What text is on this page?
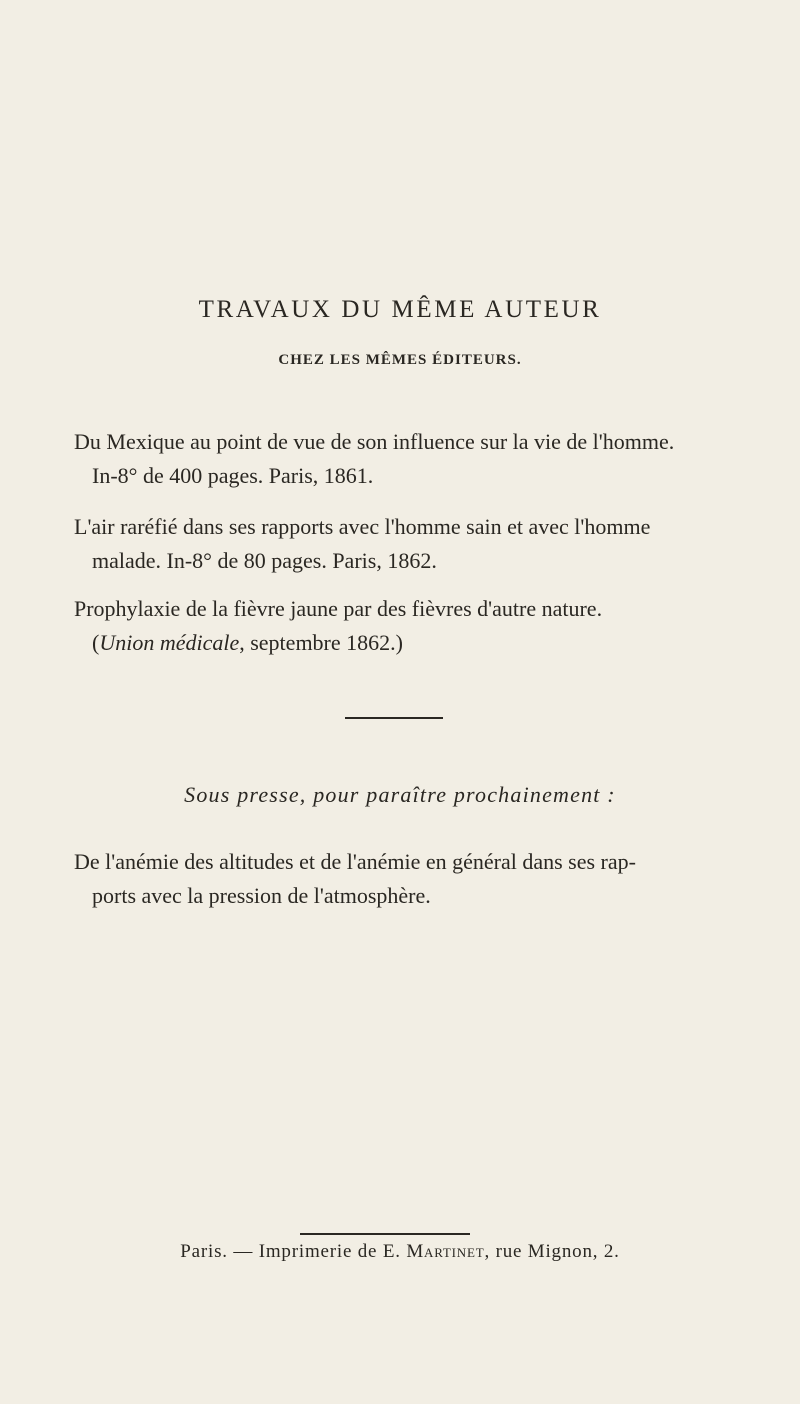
TRAVAUX DU MÊME AUTEUR
CHEZ LES MÊMES ÉDITEURS.
Du Mexique au point de vue de son influence sur la vie de l'homme.
In-8° de 400 pages. Paris, 1861.
L'air raréfié dans ses rapports avec l'homme sain et avec l'homme
malade. In-8° de 80 pages. Paris, 1862.
Prophylaxie de la fièvre jaune par des fièvres d'autre nature.
(Union médicale, septembre 1862.)
Sous presse, pour paraître prochainement :
De l'anémie des altitudes et de l'anémie en général dans ses rap-
ports avec la pression de l'atmosphère.
Paris. — Imprimerie de E. Martinet, rue Mignon, 2.
